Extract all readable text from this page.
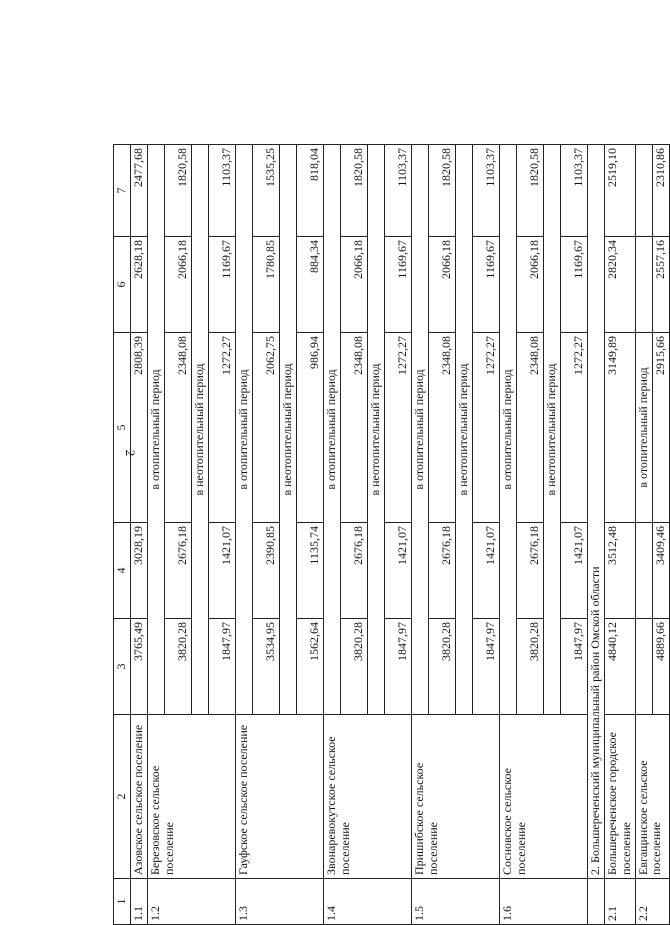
2
1	2	3	4	5	6	7
1.1	Азовское сельское поселение	3765,49	3028,19	2808,39	2628,18	2477,68
1.2	Березовское сельское поселение	в отопительный период				
		3820,28	2676,18	2348,08	2066,18	1820,58
		в неотопительный период				
		1847,97	1421,07	1272,27	1169,67	1103,37
1.3	Гауфское сельское поселение	в отопительный период				
		3534,95	2390,85	2062,75	1780,85	1535,25
		в неотопительный период				
		1562,64	1135,74	986,94	884,34	818,04
1.4	Звонаревокутское сельское поселение	в отопительный период				
		3820,28	2676,18	2348,08	2066,18	1820,58
		в неотопительный период				
		1847,97	1421,07	1272,27	1169,67	1103,37
1.5	Пришибское сельское поселение	в отопительный период				
		3820,28	2676,18	2348,08	2066,18	1820,58
		в неотопительный период				
		1847,97	1421,07	1272,27	1169,67	1103,37
1.6	Сосновское сельское поселение	в отопительный период				
		3820,28	2676,18	2348,08	2066,18	1820,58
		в неотопительный период				
		1847,97	1421,07	1272,27	1169,67	1103,37
	2. Большереченский муниципальный район Омской области					
2.1	Большереченское городское поселение	4840,12	3512,48	3149,89	2820,34	2519,10
2.2	Евгащинское сельское поселение			в отопительный период		
		4889,66	3409,46	2915,66	2557,16	2310,86
